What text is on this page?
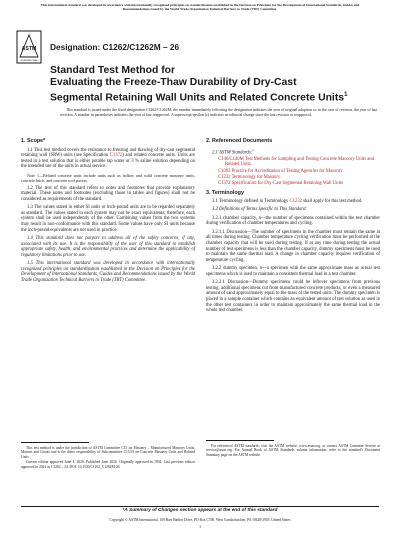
This international standard was developed in accordance with internationally recognized principles on standardization established in the Decision on Principles for the Development of International Standards, Guides and Recommendations issued by the World Trade Organization Technical Barriers to Trade (TBT) Committee.
ASTM
INTERNATIONAL
Designation: C1262/C1262M – 26
Standard Test Method for
Evaluating the Freeze-Thaw Durability of Dry-Cast
Segmental Retaining Wall Units and Related Concrete Units$^1$

This standard is issued under the fixed designation C1262/C1262M; the number immediately following the designation indicates the year of original adoption or, in the case of revision, the year of last revision. A number in parentheses indicates the year of last reapproval. A superscript epsilon (ε) indicates an editorial change since the last revision or reapproval.

1. Scope*

1.1 This test method covers the resistance to freezing and thawing of dry-cast segmental retaining wall (SRW) units (see Specification C1372) and related concrete units. Units are tested in a test solution that is either potable tap water or 3 % saline solution depending on the intended use of the units in actual service.

Note 1—Related concrete units include units such as hollow and solid concrete masonry units, concrete brick, and concrete roof pavers.

1.2 The text of this standard refers to notes and footnotes that provide explanatory material. These notes and footnotes (excluding those in tables and figures) shall not be considered as requirements of the standard.

1.3 The values stated in either SI units or inch-pound units are to be regarded separately as standard. The values stated in each system may not be exact equivalents; therefore, each system shall be used independently of the other. Combining values from the two systems may result in non-conformance with this standard. Some values have only SI units because the inch-pound equivalents are not used in practice.

1.4 This standard does not purport to address all of the safety concerns, if any, associated with its use. It is the responsibility of the user of this standard to establish appropriate safety, health, and environmental practices and determine the applicability of regulatory limitations prior to use.

1.5 This international standard was developed in accordance with internationally recognized principles on standardization established in the Decision on Principles for the Development of International Standards, Guides and Recommendations issued by the World Trade Organization Technical Barriers to Trade (TBT) Committee.

2. Referenced Documents
2.1 ASTM Standards:$^2$
C140/C140M Test Methods for Sampling and Testing Concrete Masonry Units and Related Units
C1093 Practice for Accreditation of Testing Agencies for Masonry
C1232 Terminology for Masonry
C1372 Specification for Dry-Cast Segmental Retaining Wall Units
3. Terminology

3.1 Terminology defined in Terminology C1232 shall apply for this test method.

3.2 Definitions of Terms Specific to This Standard:

3.2.1 chamber capacity, n—the number of specimens contained within the test chamber during verification of chamber temperatures and cycling.

3.2.1.1 Discussion—The number of specimens in the chamber must remain the same at all times during testing. Chamber temperature cycling verification must be performed at the chamber capacity that will be used during testing. If at any time during testing the actual number of test specimens is less than the chamber capacity, dummy specimens must be used to maintain the same thermal load. A change in chamber capacity requires verification of temperature cycling.

3.2.2 dummy specimen, n—a specimen with the same approximate mass as actual test specimens which is used to maintain a consistent thermal load in a test chamber.

3.2.2.1 Discussion—Dummy specimens could be leftover specimens from previous testing, additional specimens cut from manufactured concrete products, or even a measured amount of sand approximately equal to the mass of the tested units. The dummy specimen is placed in a sample container which contains an equivalent amount of test solution as used in the other test containers in order to maintain approximately the same thermal load in the whole test chamber.

This test method is under the jurisdiction of ASTM Committee C15 on Masonry – Manufactured Masonry Units, Mortars and Grouts and is the direct responsibility of Subcommittee C15.03 on Concrete Masonry Units and Related Units.

Current edition approved June 1, 2026. Published June 2026. Originally approved in 1994. Last previous edition approved in 2024 as C1262 – 24. DOI: 10.1520/C1262_C1262M-26.

For referenced ASTM standards, visit the ASTM website, www.astm.org, or contact ASTM Customer Service at service@astm.org. For Annual Book of ASTM Standards volume information, refer to the standard's Document Summary page on the ASTM website.

*A Summary of Changes section appears at the end of this standard
Copyright © ASTM International, 100 Barr Harbor Drive, PO Box C700, West Conshohocken, PA 19428-2959. United States
1
